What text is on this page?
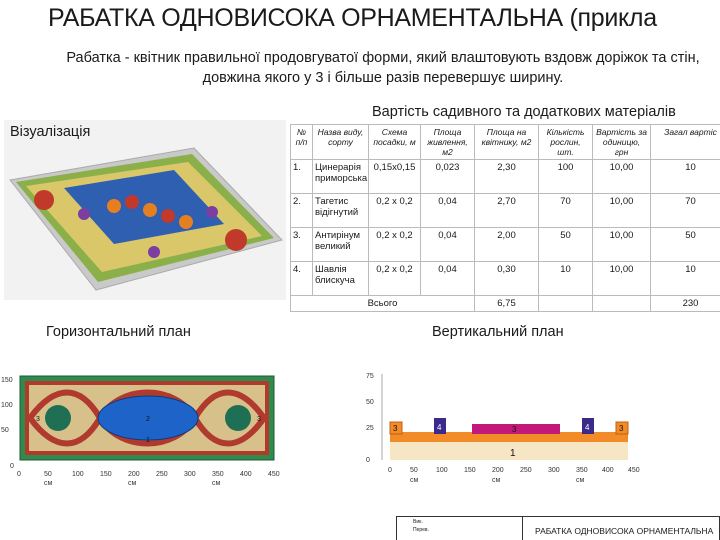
РАБАТКА ОДНОВИСОКА ОРНАМЕНТАЛЬНА (прикла
Рабатка - квітник правильної продовгуватої форми, який влаштовують вздовж доріжок та стін, довжина якого у 3 і більше разів перевершує ширину.
Візуалізація
Вартість садивного та додаткових матеріалів
№ п/п	Назва виду, сорту	Схема посадки, м	Площа живлення, м2	Площа на квітнику, м2	Кількість рослин, шт.	Вартість за одиницю, грн	Загал вартіс
1.	Цинерарія приморська	0,15х0,15	0,023	2,30	100	10,00	10
2.	Тагетис відігнутий	0,2 х 0,2	0,04	2,70	70	10,00	70
3.	Антирінум великий	0,2 х 0,2	0,04	2,00	50	10,00	50
4.	Шавлія блискуча	0,2 х 0,2	0,04	0,30	10	10,00	10
Всього				6,75			230
Горизонтальний план
150
100
50
0
3	2
1
3
0	50	100 150 200 250 300 350 400 450
см	см	см
Вертикальний план
75
50
25
0
3	4	3	4	3
1
0	50	100 150 200 250 300 350 400 450
см	см	см
Вик.
Перев.	РАБАТКА ОДНОВИСОКА ОРНАМЕНТАЛЬНА
